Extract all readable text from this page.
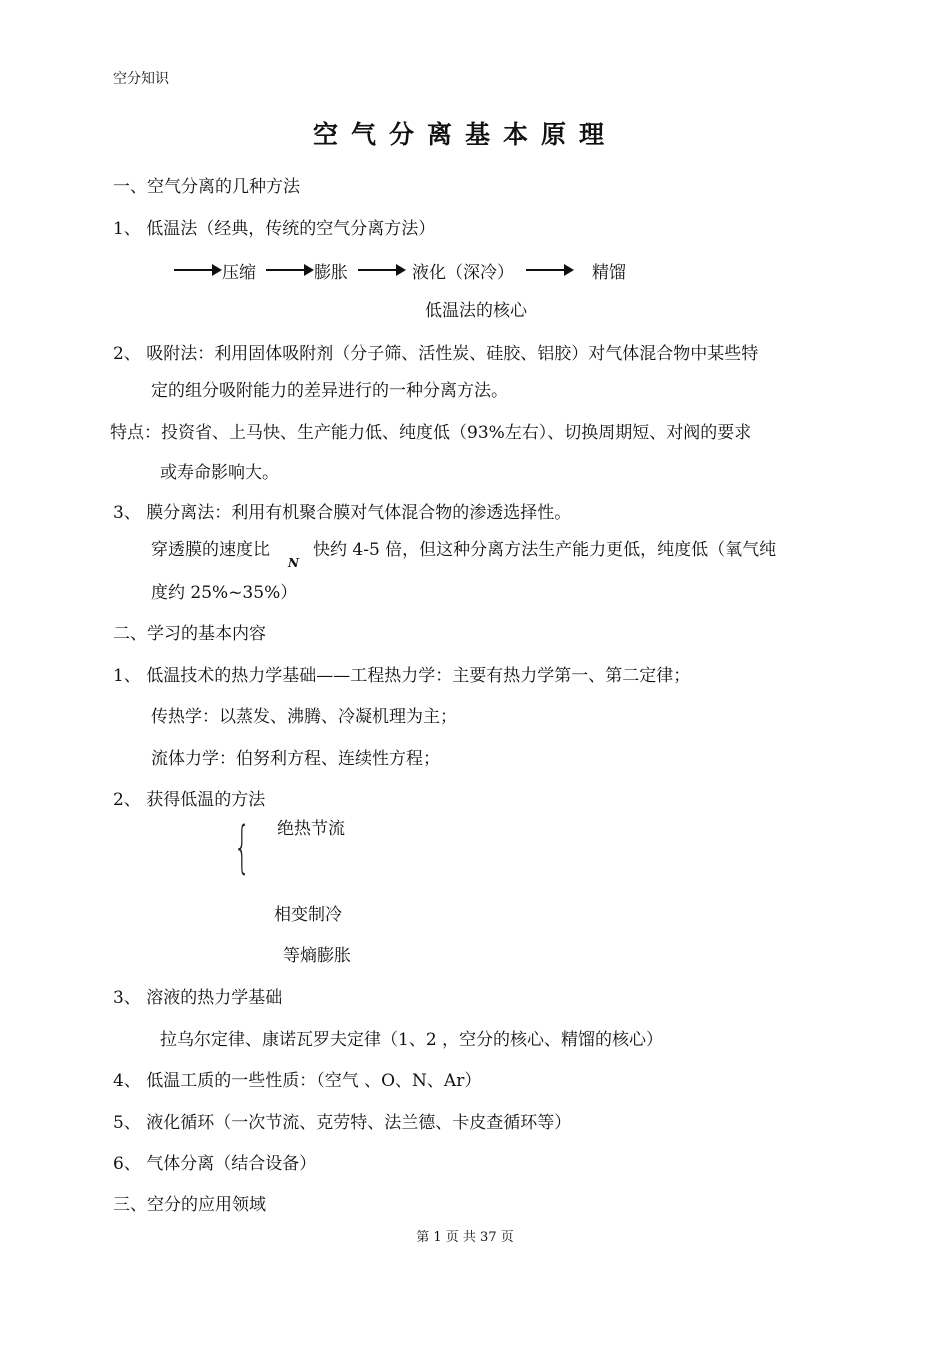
空分知识
空气分离基本原理
一、空气分离的几种方法
1、 低温法（经典，传统的空气分离方法）
压缩	膨胀	液化（深冷）	精馏
低温法的核心
2、 吸附法：利用固体吸附剂（分子筛、活性炭、硅胶、铝胶）对气体混合物中某些特
定的组分吸附能力的差异进行的一种分离方法。
特点：投资省、上马快、生产能力低、纯度低（93%左右）、切换周期短、对阀的要求
或寿命影响大。
3、 膜分离法：利用有机聚合膜对气体混合物的渗透选择性。
穿透膜的速度比
N
快约 4-5 倍，但这种分离方法生产能力更低，纯度低（氧气纯
度约 25%~35%）
二、学习的基本内容
1、 低温技术的热力学基础——工程热力学：主要有热力学第一、第二定律；
传热学：以蒸发、沸腾、冷凝机理为主；
流体力学：伯努利方程、连续性方程；
2、 获得低温的方法
{ 绝热节流
相变制冷
等熵膨胀
3、 溶液的热力学基础
拉乌尔定律、康诺瓦罗夫定律（1、2 ，空分的核心、精馏的核心）
4、 低温工质的一些性质：（空气 、O、N、Ar）
5、 液化循环（一次节流、克劳特、法兰德、卡皮查循环等）
6、 气体分离（结合设备）
三、空分的应用领域
第 1 页 共 37 页
